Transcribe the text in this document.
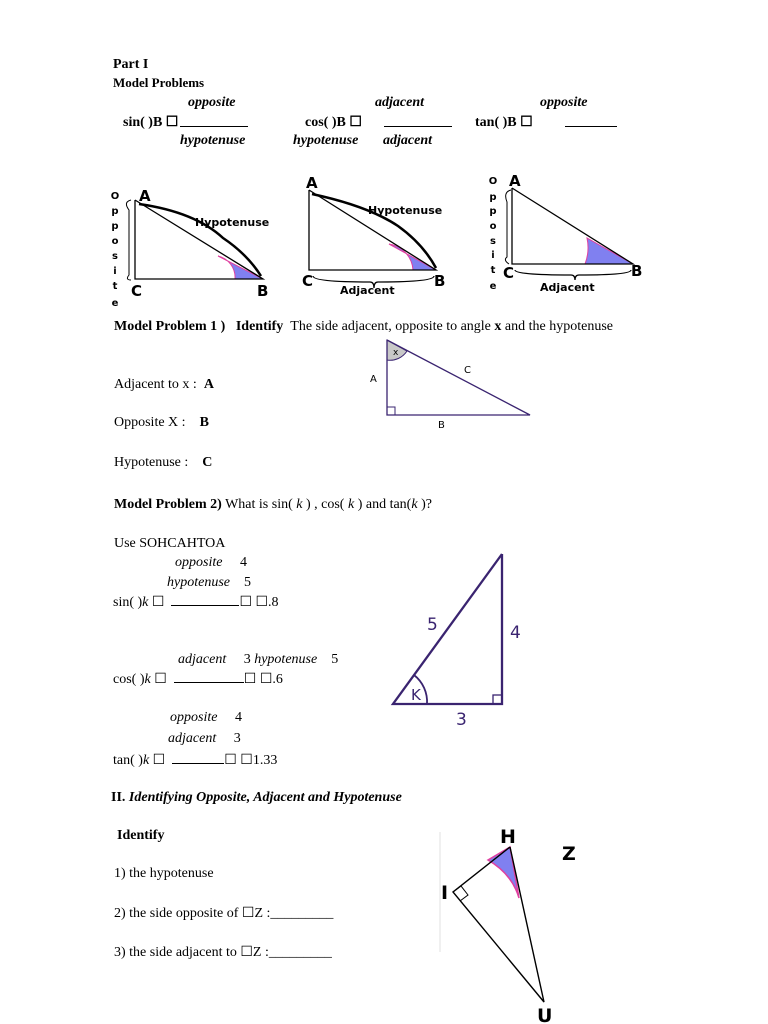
Part I
Model Problems
opposite
sin( )B ☐
hypotenuse
adjacent
cos( )B ☐
hypotenuse
opposite
tan( )B ☐
adjacent
O
p
p
o
s
i
t
e
A
C	B
Hypotenuse
A
C	B
Hypotenuse
Adjacent
O
p
p
o
s
i
t
e
A
C	B
Adjacent
Model Problem 1 ) Identify The side adjacent, opposite to angle x and the hypotenuse
x
A
B
C
Adjacent to x : A
Opposite X : B
Hypotenuse : C
Model Problem 2) What is sin( k ) , cos( k ) and tan(k )?
Use SOHCAHTOA
opposite 4
hypotenuse 5
sin( )k ☐	☐ ☐.8
adjacent 3 hypotenuse 5
cos( )k ☐	☐ ☐.6
opposite 4
adjacent 3
tan( )k ☐	☐ ☐1.33
5	4
3
K
II. Identifying Opposite, Adjacent and Hypotenuse
Identify
1) the hypotenuse
2) the side opposite of ☐Z :_________
3) the side adjacent to ☐Z :_________
H
I
U
Z
